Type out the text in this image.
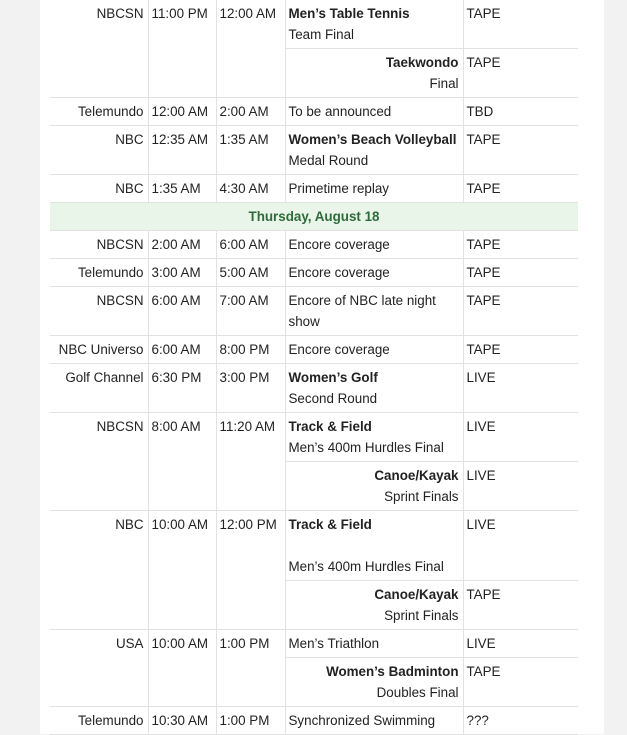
NBCSN	11:00 PM	12:00 AM	Men’s Table Tennis
Team Final	TAPE

			Taekwondo
Final	TAPE
Telemundo	12:00 AM	2:00 AM	To be announced	TBD
NBC	12:35 AM	1:35 AM	Women’s Beach Volleyball
Medal Round	TAPE
NBC	1:35 AM	4:30 AM	Primetime replay	TAPE
Thursday, August 18				
NBCSN	2:00 AM	6:00 AM	Encore coverage	TAPE
Telemundo	3:00 AM	5:00 AM	Encore coverage	TAPE
NBCSN	6:00 AM	7:00 AM	Encore of NBC late night show	TAPE
NBC Universo	6:00 AM	8:00 PM	Encore coverage	TAPE
Golf Channel	6:30 PM	3:00 PM	Women’s Golf
Second Round	LIVE
NBCSN	8:00 AM	11:20 AM	Track & Field
Men’s 400m Hurdles Final	LIVE

			Canoe/Kayak
Sprint Finals	LIVE
NBC	10:00 AM	12:00 PM	Track & Field
Men’s 400m Hurdles Final	LIVE

			Canoe/Kayak
Sprint Finals	TAPE
USA	10:00 AM	1:00 PM	Men’s Triathlon	LIVE

			Women’s Badminton
Doubles Final	TAPE
Telemundo	10:30 AM	1:00 PM	Synchronized Swimming	???
